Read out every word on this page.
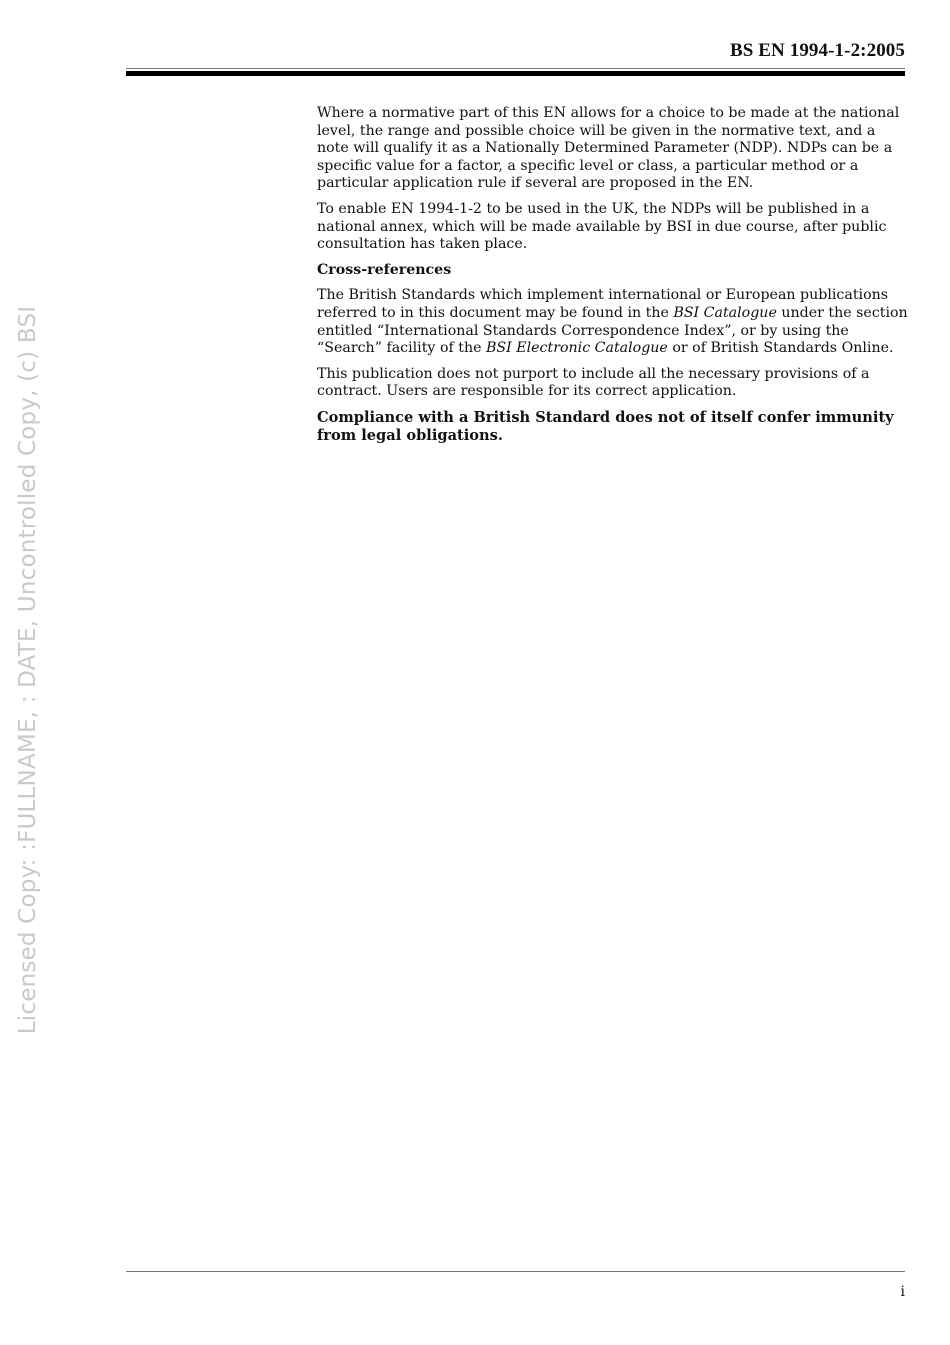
BS EN 1994-1-2:2005
Licensed Copy: :FULLNAME, : DATE, Uncontrolled Copy, (c) BSI

Where a normative part of this EN allows for a choice to be made at the national level, the range and possible choice will be given in the normative text, and a note will qualify it as a Nationally Determined Parameter (NDP). NDPs can be a specific value for a factor, a specific level or class, a particular method or a particular application rule if several are proposed in the EN.

To enable EN 1994-1-2 to be used in the UK, the NDPs will be published in a national annex, which will be made available by BSI in due course, after public consultation has taken place.

Cross-references

The British Standards which implement international or European publications referred to in this document may be found in the BSI Catalogue under the section entitled “International Standards Correspondence Index”, or by using the “Search” facility of the BSI Electronic Catalogue or of British Standards Online.

This publication does not purport to include all the necessary provisions of a contract. Users are responsible for its correct application.

Compliance with a British Standard does not of itself confer immunity from legal obligations.

i
